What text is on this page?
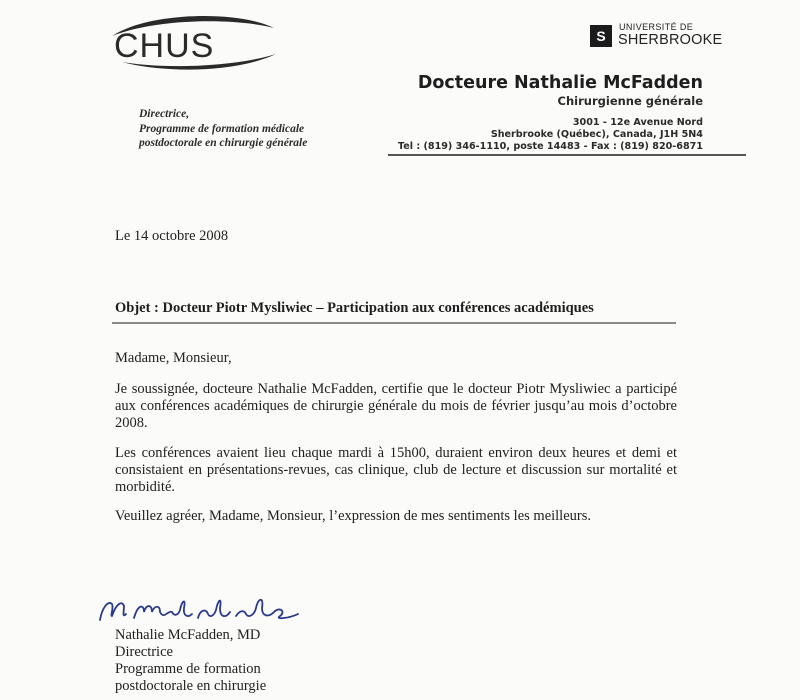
CHUS	S
UNIVERSITÉ DE
SHERBROOKE
Docteure Nathalie McFadden
Chirurgienne générale
3001 - 12e Avenue Nord
Sherbrooke (Québec), Canada, J1H 5N4
Tel : (819) 346-1110, poste 14483 - Fax : (819) 820-6871
Directrice,
Programme de formation médicale
postdoctorale en chirurgie générale
Le 14 octobre 2008
Objet : Docteur Piotr Mysliwiec – Participation aux conférences académiques
Madame, Monsieur,
Je soussignée, docteure Nathalie McFadden, certifie que le docteur Piotr Mysliwiec a participé aux conférences académiques de chirurgie générale du mois de février jusqu’au mois d’octobre 2008.
Les conférences avaient lieu chaque mardi à 15h00, duraient environ deux heures et demi et consistaient en présentations-revues, cas clinique, club de lecture et discussion sur mortalité et morbidité.
Veuillez agréer, Madame, Monsieur, l’expression de mes sentiments les meilleurs.
Nathalie McFadden, MD
Directrice
Programme de formation
postdoctorale en chirurgie
